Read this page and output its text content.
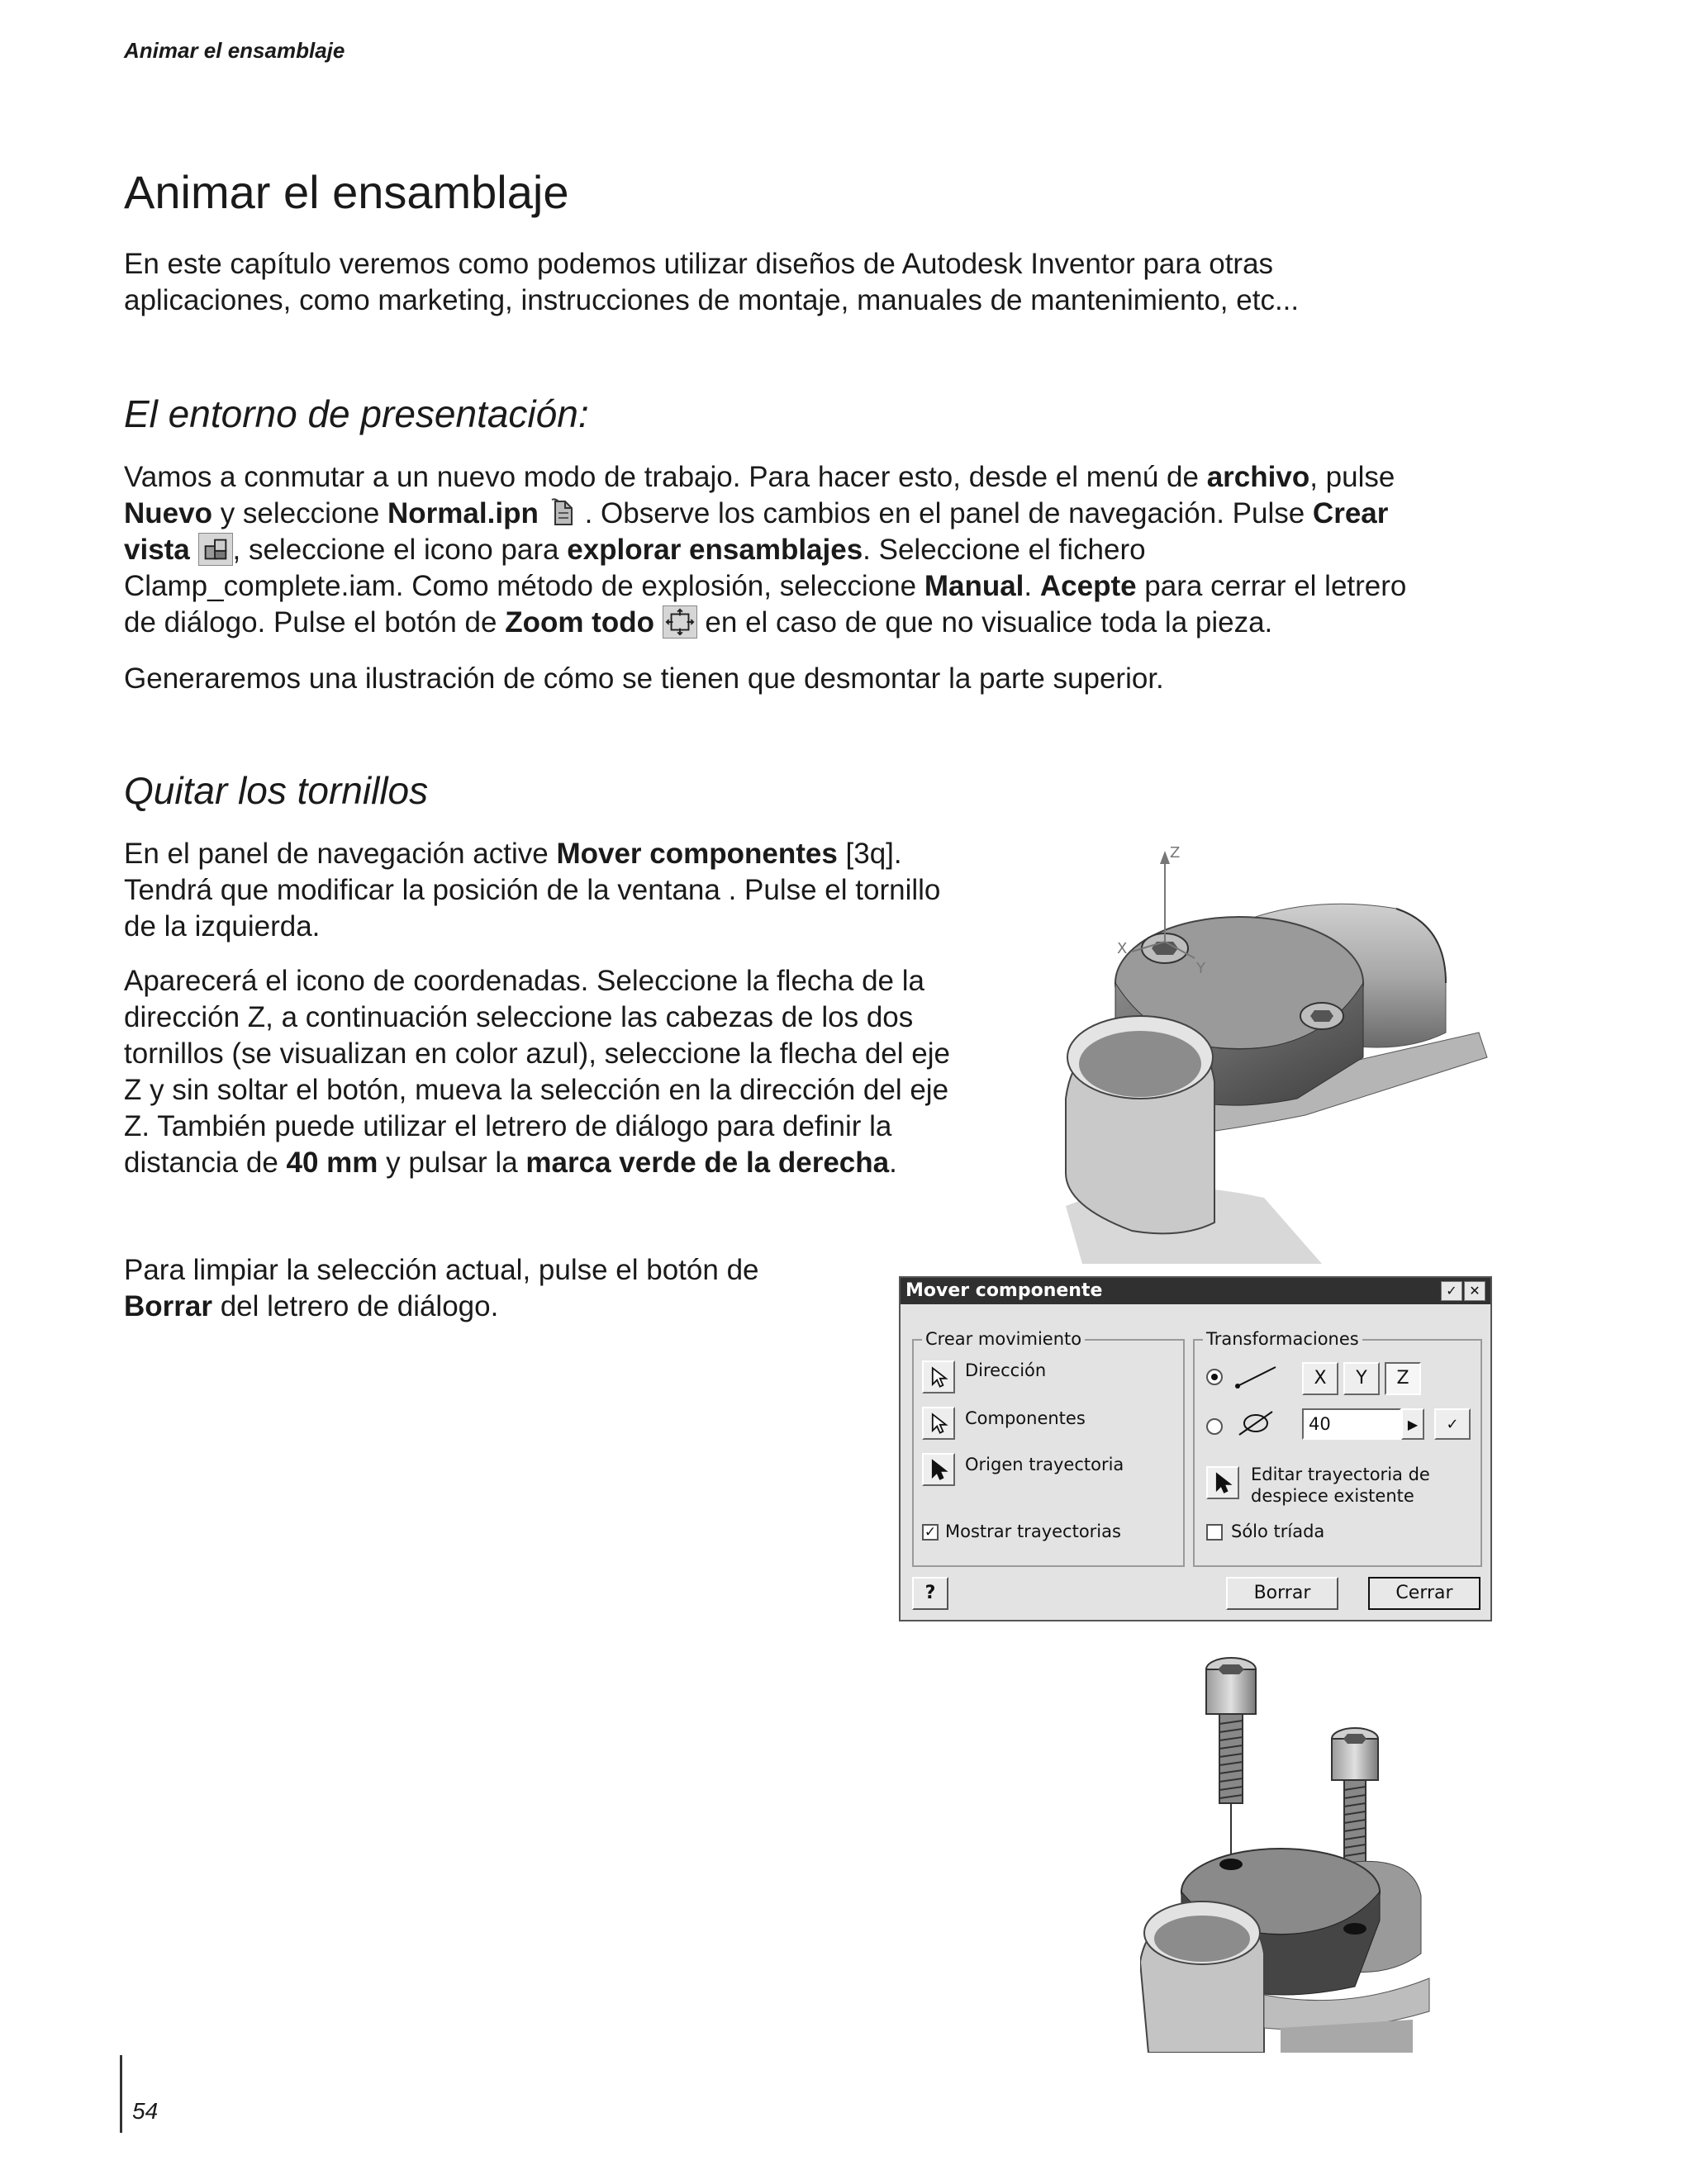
Animar el ensamblaje
Animar el ensamblaje

En este capítulo veremos como podemos utilizar diseños de Autodesk Inventor para otras

aplicaciones, como marketing, instrucciones de montaje, manuales de mantenimiento, etc...

El entorno de presentación:

Vamos a conmutar a un nuevo modo de trabajo. Para hacer esto, desde el menú de archivo, pulse

Nuevo y seleccione Normal.ipn . Observe los cambios en el panel de navegación. Pulse Crear

vista , seleccione el icono para explorar ensamblajes. Seleccione el fichero

Clamp_complete.iam. Como método de explosión, seleccione Manual. Acepte para cerrar el letrero

de diálogo. Pulse el botón de Zoom todo
en el caso de que no visualice toda la pieza.

Generaremos una ilustración de cómo se tienen que desmontar la parte superior.

Quitar los tornillos

En el panel de navegación active Mover componentes [3q].

Tendrá que modificar la posición de la ventana . Pulse el tornillo

de la izquierda.

Aparecerá el icono de coordenadas. Seleccione la flecha de la

dirección Z, a continuación seleccione las cabezas de los dos

tornillos (se visualizan en color azul), seleccione la flecha del eje

Z y sin soltar el botón, mueva la selección en la dirección del eje

Z. También puede utilizar el letrero de diálogo para definir la

distancia de 40 mm y pulsar la marca verde de la derecha.

Para limpiar la selección actual, pulse el botón de

Borrar del letrero de diálogo.

Z
X
Y
Mover componente	✓ ✕
Crear movimiento
Dirección
Componentes
Origen trayectoria
✓ Mostrar trayectorias
Transformaciones
X	Y	Z
40	▶	✓
Editar trayectoria de
despiece existente
Sólo tríada
?	Borrar	Cerrar
54
